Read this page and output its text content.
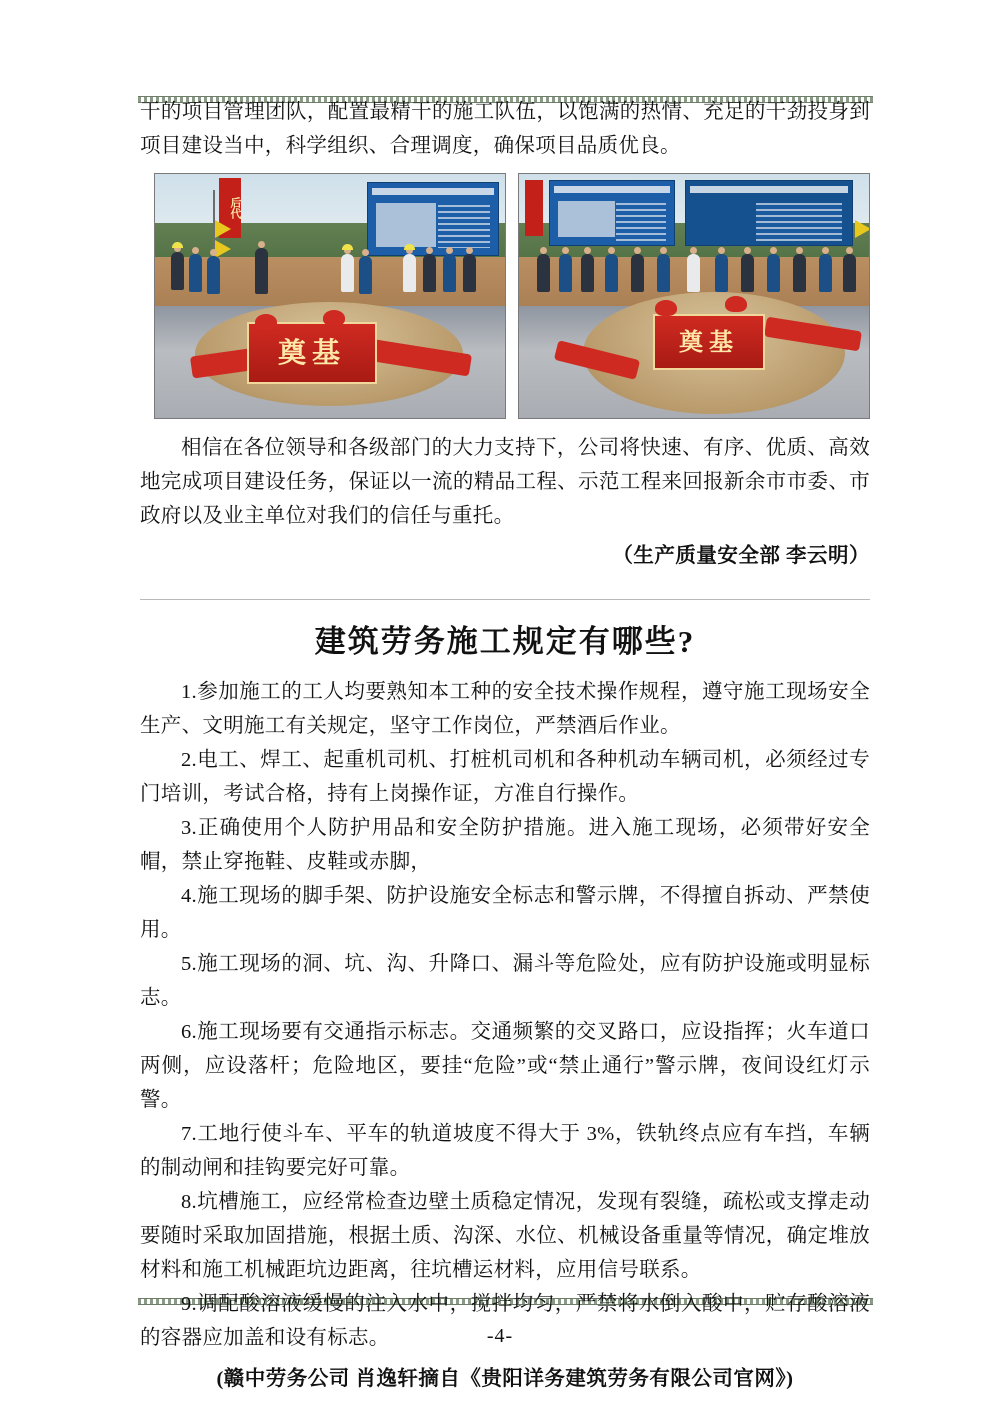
干的项目管理团队，配置最精干的施工队伍，以饱满的热情、充足的干劲投身到项目建设当中，科学组织、合理调度，确保项目品质优良。

后代
奠基	奠基

相信在各位领导和各级部门的大力支持下，公司将快速、有序、优质、高效地完成项目建设任务，保证以一流的精品工程、示范工程来回报新余市市委、市政府以及业主单位对我们的信任与重托。

（生产质量安全部 李云明）
建筑劳务施工规定有哪些?

1.参加施工的工人均要熟知本工种的安全技术操作规程，遵守施工现场安全生产、文明施工有关规定，坚守工作岗位，严禁酒后作业。

2.电工、焊工、起重机司机、打桩机司机和各种机动车辆司机，必须经过专门培训，考试合格，持有上岗操作证，方准自行操作。

3.正确使用个人防护用品和安全防护措施。进入施工现场，必须带好安全帽，禁止穿拖鞋、皮鞋或赤脚，

4.施工现场的脚手架、防护设施安全标志和警示牌，不得擅自拆动、严禁使用。

5.施工现场的洞、坑、沟、升降口、漏斗等危险处，应有防护设施或明显标志。

6.施工现场要有交通指示标志。交通频繁的交叉路口，应设指挥；火车道口两侧，应设落杆；危险地区，要挂“危险”或“禁止通行”警示牌，夜间设红灯示警。

7.工地行使斗车、平车的轨道坡度不得大于 3%，铁轨终点应有车挡，车辆的制动闸和挂钩要完好可靠。

8.坑槽施工，应经常检查边壁土质稳定情况，发现有裂缝，疏松或支撑走动要随时采取加固措施，根据土质、沟深、水位、机械设备重量等情况，确定堆放材料和施工机械距坑边距离，往坑槽运材料，应用信号联系。

9.调配酸溶液缓慢的注入水中，搅拌均匀，严禁将水倒入酸中，贮存酸溶液的容器应加盖和设有标志。

(赣中劳务公司 肖逸轩摘自《贵阳详务建筑劳务有限公司官网》)
-4-
